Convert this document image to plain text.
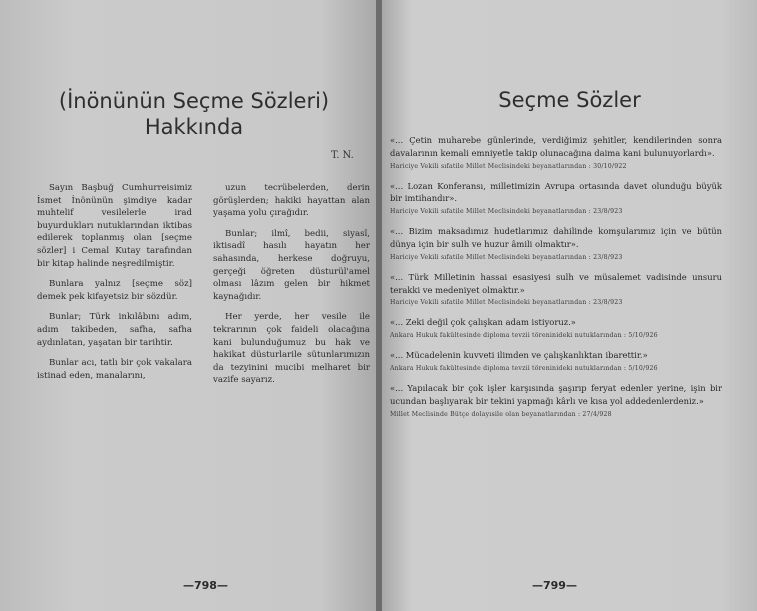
(İnönünün Seçme Sözleri)
Hakkında
T. N.

Sayın Başbuğ Cumhurreisimiz İsmet İnönünün şimdiye kadar muhtelif vesilelerle irad buyurdukları nutuklarından iktibas edilerek toplanmış olan [seçme sözler] i Cemal Kutay tarafından bir kitap halinde neşredilmiştir.

Bunlara yalnız [seçme söz] demek pek kifayetsiz bir sözdür.

Bunlar; Türk inkılâbını adım, adım takibeden, safha, safha aydınlatan, yaşatan bir tarihtir.

Bunlar acı, tatlı bir çok vakalara istinad eden, manalarını,

uzun tecrübelerden, derin görüşlerden; hakiki hayattan alan yaşama yolu çırağıdır.

Bunlar; ilmî, bedii, siyasî, iktisadî hasılı hayatın her sahasında, herkese doğruyu, gerçeği öğreten düsturül'amel olması lâzım gelen bir hikmet kaynağıdır.

Her yerde, her vesile ile tekrarının çok faideli olacağına kani bulunduğumuz bu hak ve hakikat düsturlarile sütunlarımızın da tezyinini mucibi melharet bir vazife sayarız.

—798—
Seçme Sözler
«... Çetin muharebe günlerinde, verdiğimiz şehitler, kendilerinden sonra davalarının kemali emniyetle takip olunacağına daima kani bulunuyorlardı».
Hariciye Vekili sıfatile Millet Meclisindeki beyanatlarından : 30/10/922
«... Lozan Konferansı, milletimizin Avrupa ortasında davet olunduğu büyük bir imtihandır».
Hariciye Vekili sıfatile Millet Meclisindeki beyanatlarından : 23/8/923
«... Bizim maksadımız hudetlarımız dahilinde komşularımız için ve bütün dünya için bir sulh ve huzur âmili olmaktır».
Hariciye Vekili sıfatile Millet Meclisindeki beyanatlarından : 23/8/923
«... Türk Milletinin hassai esasiyesi sulh ve müsalemet vadisinde unsuru terakki ve medeniyet olmaktır.»
Hariciye Vekili sıfatile Millet Meclisindeki beyanatlarından : 23/8/923
«... Zeki değil çok çalışkan adam istiyoruz.»
Ankara Hukuk fakültesinde diploma tevzii töreninideki nutuklarından : 5/10/926
«... Mücadelenin kuvveti ilimden ve çalışkanlıktan ibarettir.»
Ankara Hukuk fakültesinde diploma tevzii töreninideki nutuklarından : 5/10/926
«... Yapılacak bir çok işler karşısında şaşırıp feryat edenler yerine, işin bir ucundan başlıyarak bir tekini yapmağı kârlı ve kısa yol addedenlerdeniz.»
Millet Meclisinde Bütçe dolayısile olan beyanatlarından : 27/4/928
—799—
